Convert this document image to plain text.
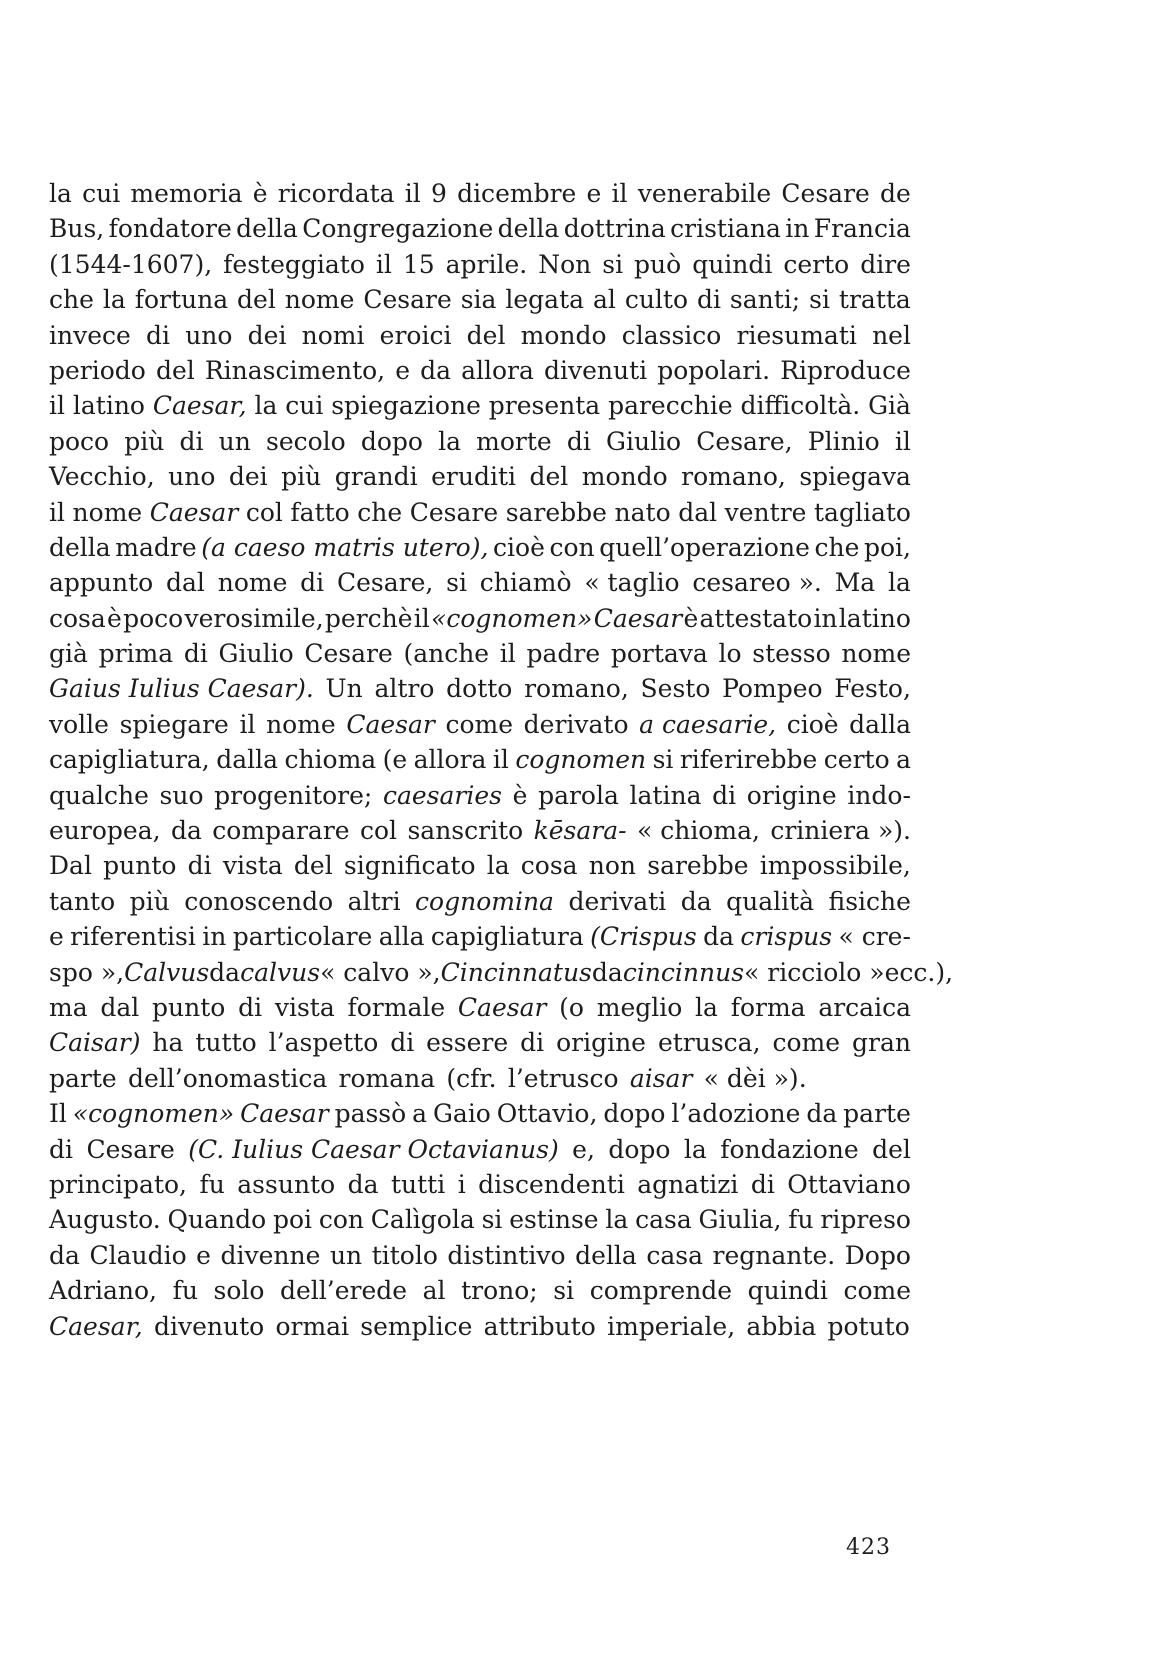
la cui memoria è ricordata il 9 dicembre e il venerabile Cesare de
Bus, fondatore della Congregazione della dottrina cristiana in Francia
(1544-1607), festeggiato il 15 aprile. Non si può quindi certo dire
che la fortuna del nome Cesare sia legata al culto di santi; si tratta
invece di uno dei nomi eroici del mondo classico riesumati nel
periodo del Rinascimento, e da allora divenuti popolari. Riproduce
il latino Caesar, la cui spiegazione presenta parecchie difficoltà. Già
poco più di un secolo dopo la morte di Giulio Cesare, Plinio il
Vecchio, uno dei più grandi eruditi del mondo romano, spiegava
il nome Caesar col fatto che Cesare sarebbe nato dal ventre tagliato
della madre (a caeso matris utero), cioè con quell’operazione che poi,
appunto dal nome di Cesare, si chiamò « taglio cesareo ». Ma la
cosa è poco verosimile, perchè il «cognomen» Caesar è attestato in latino
già prima di Giulio Cesare (anche il padre portava lo stesso nome
Gaius Iulius Caesar). Un altro dotto romano, Sesto Pompeo Festo,
volle spiegare il nome Caesar come derivato a caesarie, cioè dalla
capigliatura, dalla chioma (e allora il cognomen si riferirebbe certo a
qualche suo progenitore; caesaries è parola latina di origine indo-
europea, da comparare col sanscrito kēsara- « chioma, criniera »).
Dal punto di vista del significato la cosa non sarebbe impossibile,
tanto più conoscendo altri cognomina derivati da qualità fisiche
e riferentisi in particolare alla capigliatura (Crispus da crispus « cre-
spo », Calvus da calvus « calvo », Cincinnatus da cincinnus « ricciolo » ecc.),
ma dal punto di vista formale Caesar (o meglio la forma arcaica
Caisar) ha tutto l’aspetto di essere di origine etrusca, come gran
parte dell’onomastica romana (cfr. l’etrusco aisar « dèi »).
Il «cognomen» Caesar passò a Gaio Ottavio, dopo l’adozione da parte
di Cesare (C. Iulius Caesar Octavianus) e, dopo la fondazione del
principato, fu assunto da tutti i discendenti agnatizi di Ottaviano
Augusto. Quando poi con Calìgola si estinse la casa Giulia, fu ripreso
da Claudio e divenne un titolo distintivo della casa regnante. Dopo
Adriano, fu solo dell’erede al trono; si comprende quindi come
Caesar, divenuto ormai semplice attributo imperiale, abbia potuto
423
